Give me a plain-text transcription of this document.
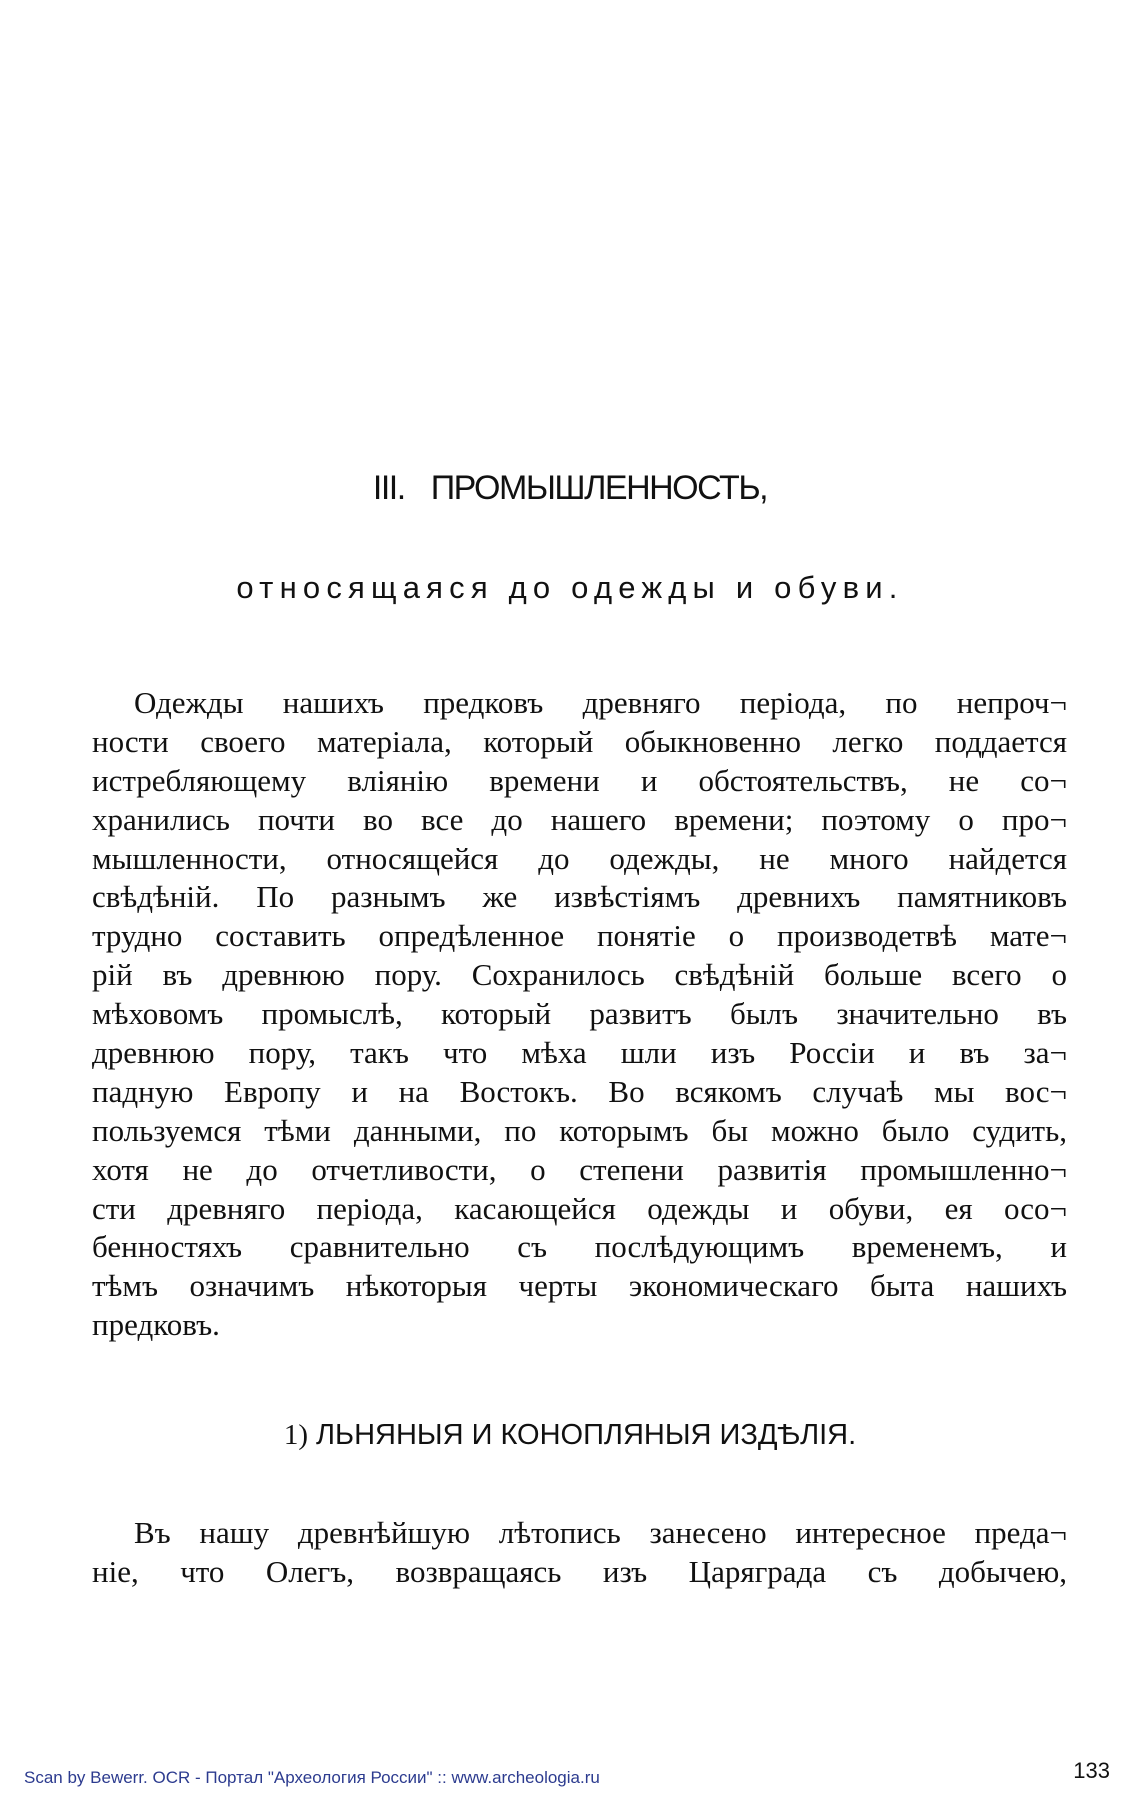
III. ПРОМЫШЛЕННОСТЬ,
относящаяся до одежды и обуви.
Одежды нашихъ предковъ древняго періода, по непроч¬
ности своего матеріала, который обыкновенно легко поддается
истребляющему вліянію времени и обстоятельствъ, не со¬
хранились почти во все до нашего времени; поэтому о про¬
мышленности, относящейся до одежды, не много найдется
свѣдѣній. По разнымъ же извѣстіямъ древнихъ памятниковъ
трудно составить опредѣленное понятіе о производетвѣ мате¬
рій въ древнюю пору. Сохранилось свѣдѣній больше всего о
мѣховомъ промыслѣ, который развитъ былъ значительно въ
древнюю пору, такъ что мѣха шли изъ Россіи и въ за¬
падную Европу и на Востокъ. Во всякомъ случаѣ мы вос¬
пользуемся тѣми данными, по которымъ бы можно было судить,
хотя не до отчетливости, о степени развитія промышленно¬
сти древняго періода, касающейся одежды и обуви, ея осо¬
бенностяхъ сравнительно съ послѣдующимъ временемъ, и
тѣмъ означимъ нѣкоторыя черты экономическаго быта нашихъ
предковъ.
1) ЛЬНЯНЫЯ И КОНОПЛЯНЫЯ ИЗДѢЛІЯ.
Въ нашу древнѣйшую лѣтопись занесено интересное преда¬
ніе, что Олегъ, возвращаясь изъ Царяграда съ добычею,
Scan by Bewerr. OCR - Портал "Археология России" :: www.archeologia.ru	133
